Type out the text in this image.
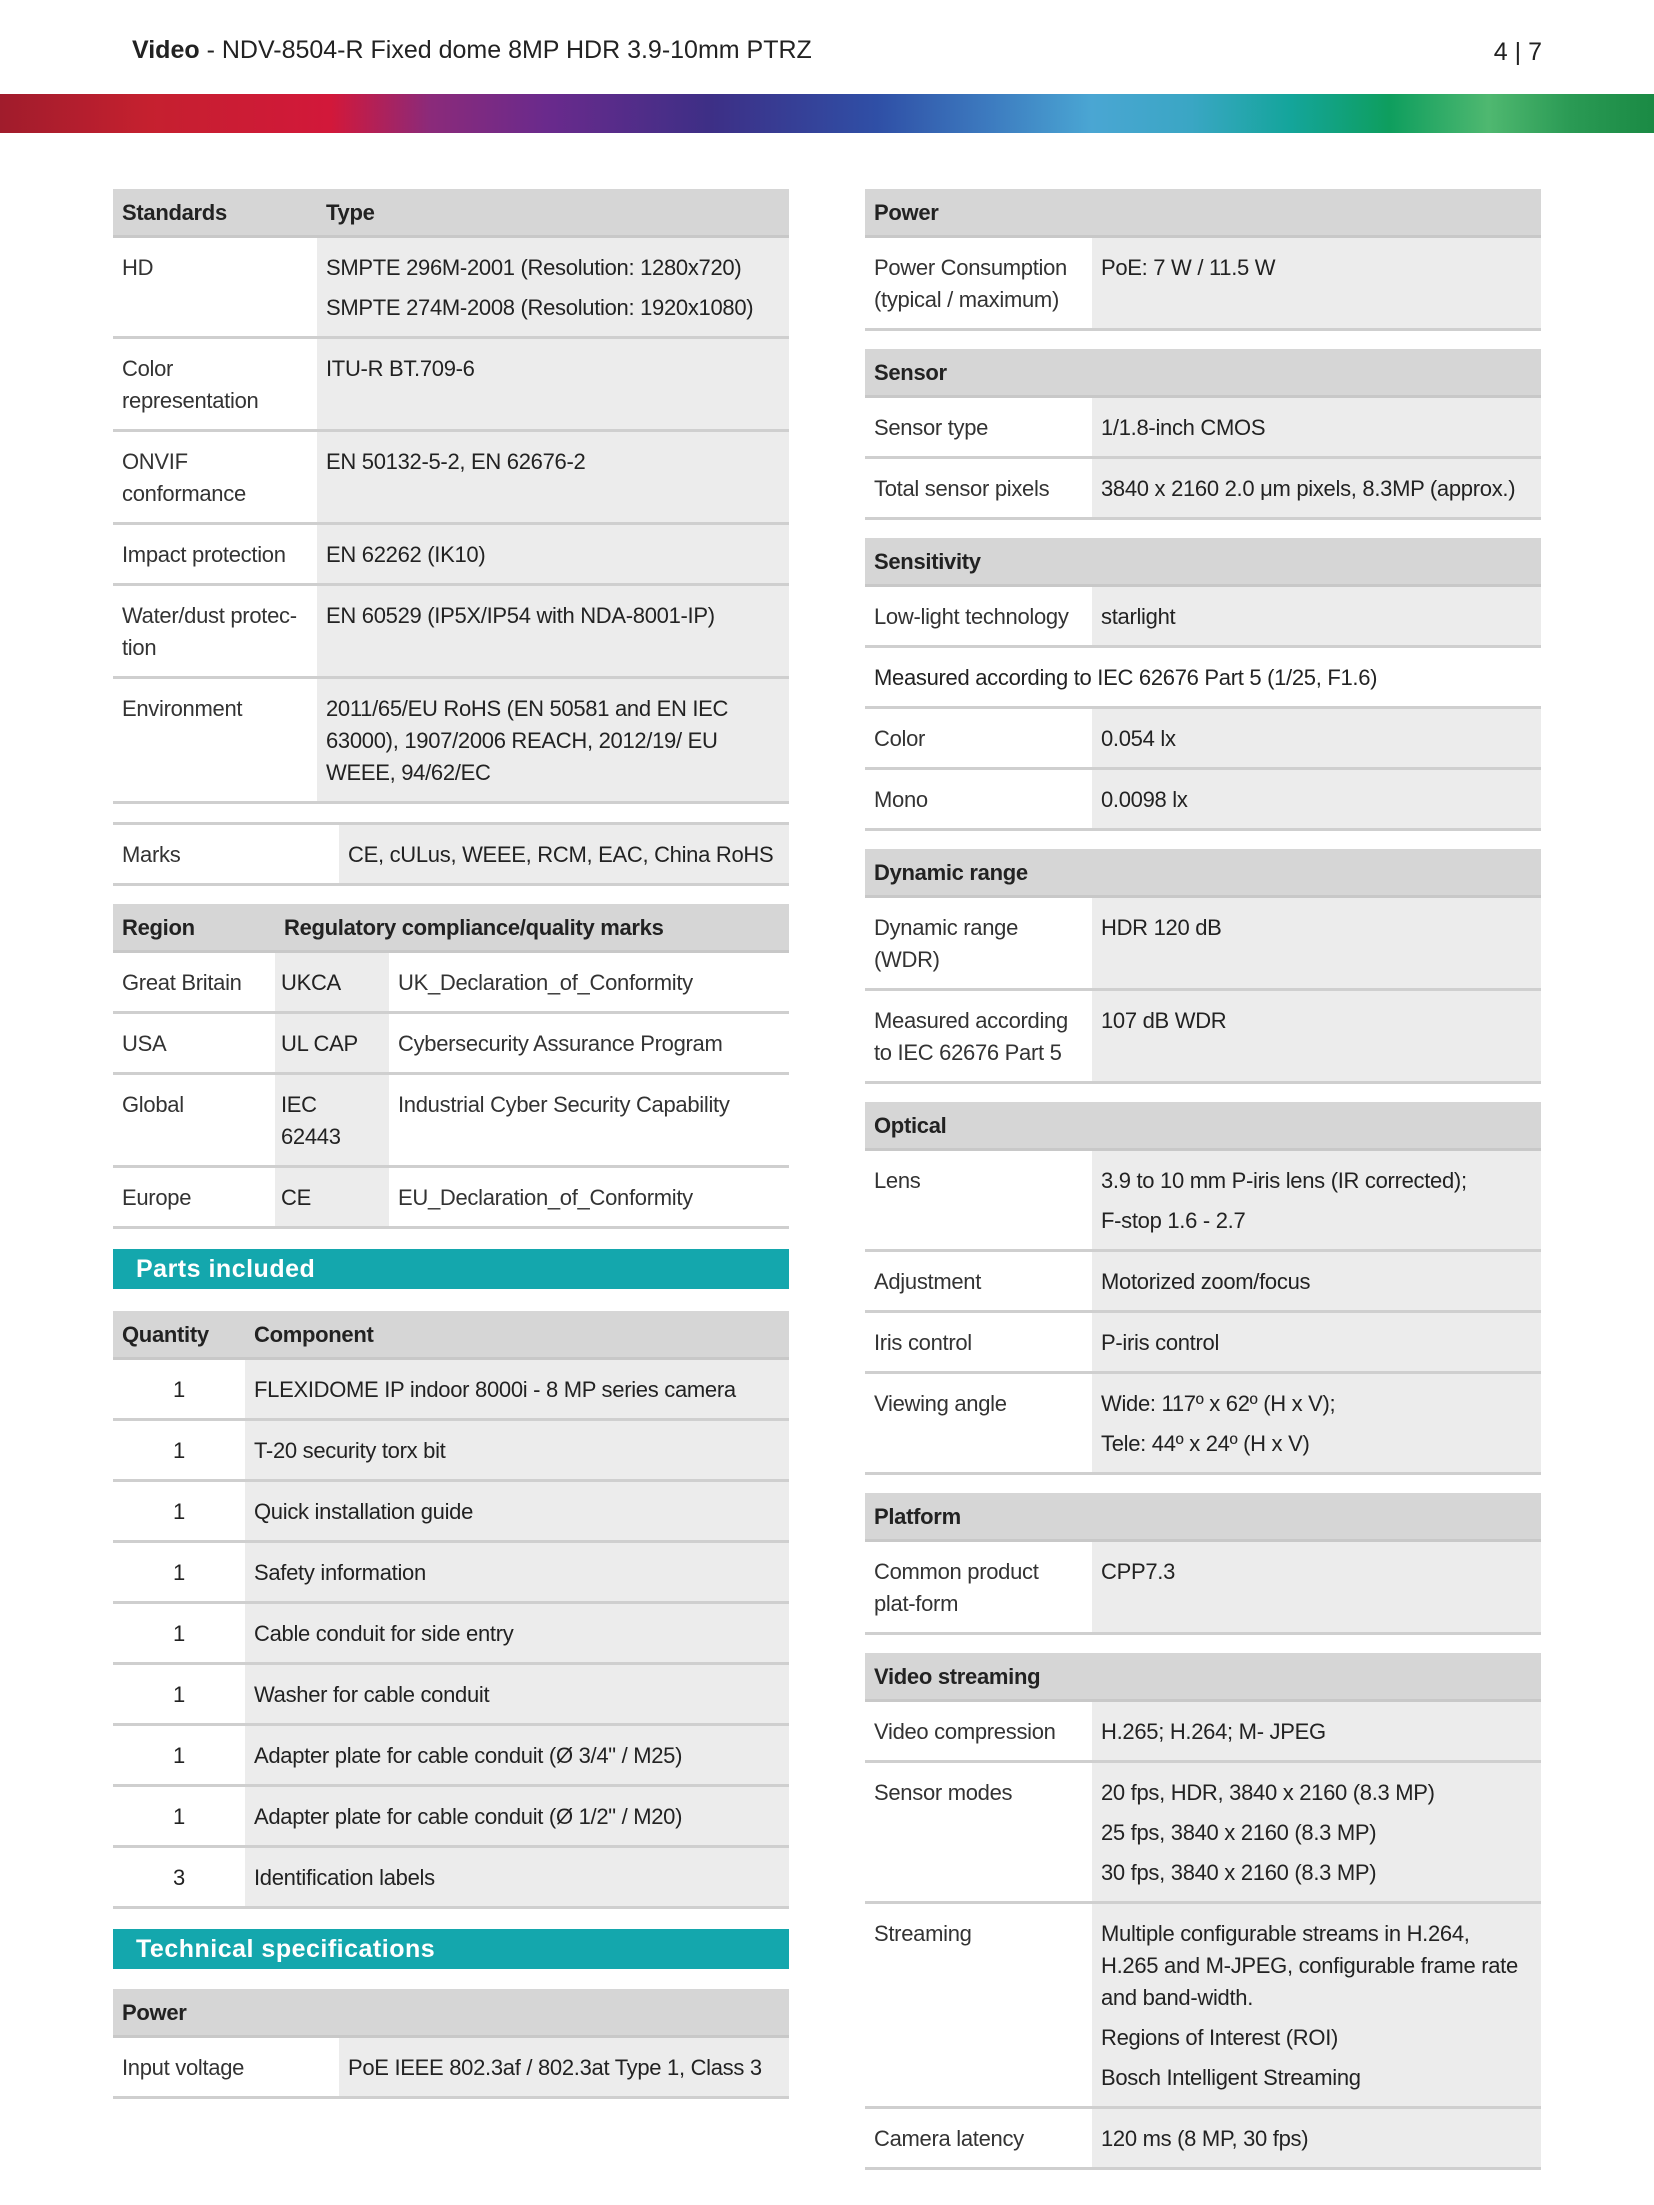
Video - NDV-8504-R Fixed dome 8MP HDR 3.9-10mm PTRZ	4 | 7
Standards	Type
HD	SMPTE 296M-2001 (Resolution: 1280x720)
SMPTE 274M-2008 (Resolution: 1920x1080)

Color representation	ITU-R BT.709-6

ONVIF conformance	EN 50132-5-2, EN 62676-2

Impact protection	EN 62262 (IK10)

Water/dust protec-tion	EN 60529 (IP5X/IP54 with NDA-8001-IP)

Environment	2011/65/EU RoHS (EN 50581 and EN IEC 63000), 1907/2006 REACH, 2012/19/ EU WEEE, 94/62/EC
Marks	CE, cULus, WEEE, RCM, EAC, China RoHS
Region	Regulatory compliance/quality marks	
Great Britain	UKCA	UK_Declaration_of_Conformity
USA	UL CAP	Cybersecurity Assurance Program
Global	IEC 62443	Industrial Cyber Security Capability
Europe	CE	EU_Declaration_of_Conformity
Parts included
Quantity	Component
1	FLEXIDOME IP indoor 8000i - 8 MP series camera
1	T-20 security torx bit
1	Quick installation guide
1	Safety information
1	Cable conduit for side entry
1	Washer for cable conduit
1	Adapter plate for cable conduit (Ø 3/4" / M25)
1	Adapter plate for cable conduit (Ø 1/2" / M20)
3	Identification labels
Technical specifications
Power
Input voltage	PoE IEEE 802.3af / 802.3at Type 1, Class 3
Power
Power Consumption (typical / maximum)	PoE: 7 W / 11.5 W
Sensor	
Sensor type	1/1.8-inch CMOS

Total sensor pixels	3840 x 2160 2.0 μm pixels, 8.3MP (approx.)
Sensitivity	
Low-light technology	starlight
Measured according to IEC 62676 Part 5 (1/25, F1.6)	
Color	0.054 lx

Mono	0.0098 lx
Dynamic range	
Dynamic range (WDR)	HDR 120 dB

Measured according to IEC 62676 Part 5	107 dB WDR
Optical	
Lens	3.9 to 10 mm P-iris lens (IR corrected);
F-stop 1.6 - 2.7

Adjustment	Motorized zoom/focus

Iris control	P-iris control

Viewing angle	Wide: 117º x 62º (H x V);
Tele: 44º x 24º (H x V)
Platform
Common product plat-form	CPP7.3
Video streaming	
Video compression	H.265; H.264; M- JPEG

Sensor modes	20 fps, HDR, 3840 x 2160 (8.3 MP)
25 fps, 3840 x 2160 (8.3 MP)
30 fps, 3840 x 2160 (8.3 MP)

Streaming	Multiple configurable streams in H.264, H.265 and M-JPEG, configurable frame rate and band-width.
Regions of Interest (ROI)
Bosch Intelligent Streaming

Camera latency	120 ms (8 MP, 30 fps)
